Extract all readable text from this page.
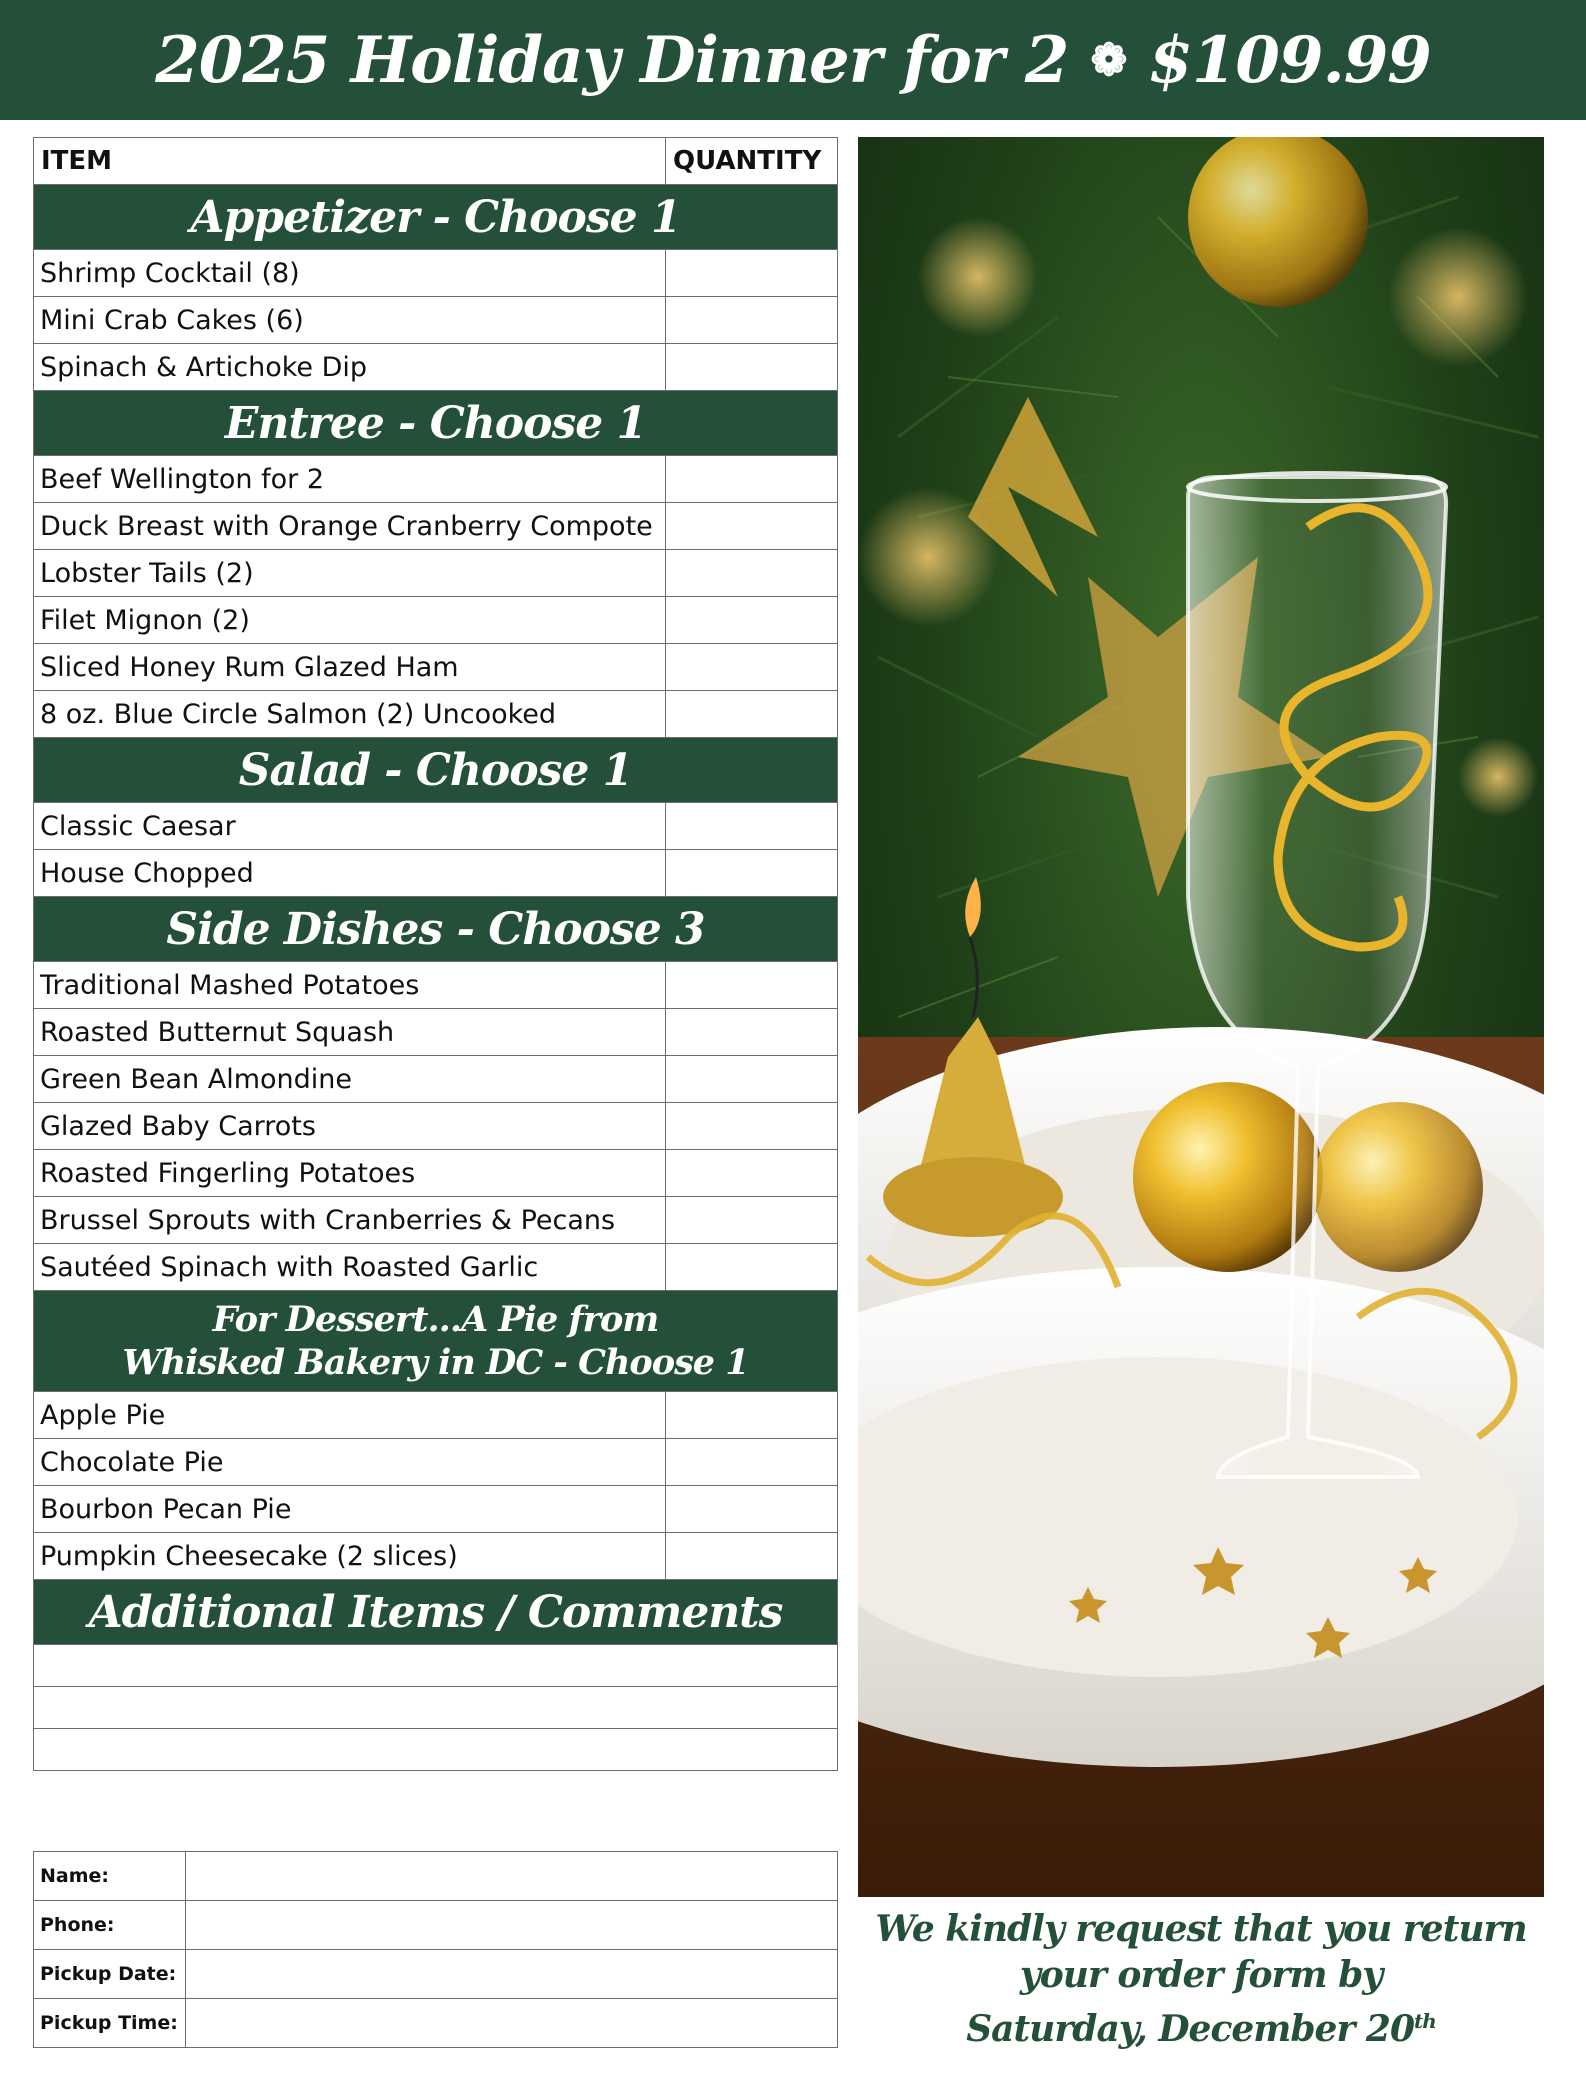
2025 Holiday Dinner for 2 ❁ $109.99
ITEM	QUANTITY
Appetizer - Choose 1	
Shrimp Cocktail (8)	
Mini Crab Cakes (6)	
Spinach & Artichoke Dip	
Entree - Choose 1	
Beef Wellington for 2	
Duck Breast with Orange Cranberry Compote	
Lobster Tails (2)	
Filet Mignon (2)	
Sliced Honey Rum Glazed Ham	
8 oz. Blue Circle Salmon (2) Uncooked	
Salad - Choose 1	
Classic Caesar	
House Chopped	
Side Dishes - Choose 3	
Traditional Mashed Potatoes	
Roasted Butternut Squash	
Green Bean Almondine	
Glazed Baby Carrots	
Roasted Fingerling Potatoes	
Brussel Sprouts with Cranberries & Pecans	
Sautéed Spinach with Roasted Garlic	

For Dessert...A Pie from
Whisked Bakery in DC - Choose 1	

Apple Pie	
Chocolate Pie	
Bourbon Pecan Pie	
Pumpkin Cheesecake (2 slices)	
Additional Items / Comments	

Name:	
Phone:	
Pickup Date:	
Pickup Time:	
We kindly request that you return
your order form by
Saturday, December 20th
